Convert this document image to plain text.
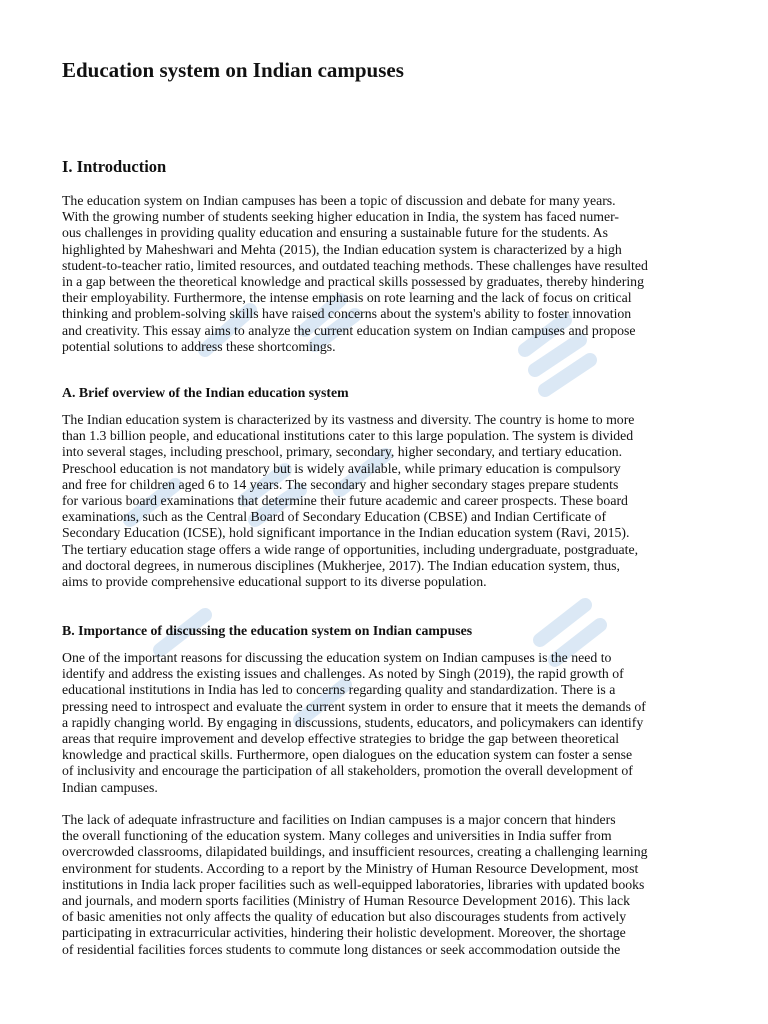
Education system on Indian campuses
I. Introduction
The education system on Indian campuses has been a topic of discussion and debate for many years.
With the growing number of students seeking higher education in India, the system has faced numer-
ous challenges in providing quality education and ensuring a sustainable future for the students. As
highlighted by Maheshwari and Mehta (2015), the Indian education system is characterized by a high
student-to-teacher ratio, limited resources, and outdated teaching methods. These challenges have resulted
in a gap between the theoretical knowledge and practical skills possessed by graduates, thereby hindering
their employability. Furthermore, the intense emphasis on rote learning and the lack of focus on critical
thinking and problem-solving skills have raised concerns about the system's ability to foster innovation
and creativity. This essay aims to analyze the current education system on Indian campuses and propose
potential solutions to address these shortcomings.
A. Brief overview of the Indian education system
The Indian education system is characterized by its vastness and diversity. The country is home to more
than 1.3 billion people, and educational institutions cater to this large population. The system is divided
into several stages, including preschool, primary, secondary, higher secondary, and tertiary education.
Preschool education is not mandatory but is widely available, while primary education is compulsory
and free for children aged 6 to 14 years. The secondary and higher secondary stages prepare students
for various board examinations that determine their future academic and career prospects. These board
examinations, such as the Central Board of Secondary Education (CBSE) and Indian Certificate of
Secondary Education (ICSE), hold significant importance in the Indian education system (Ravi, 2015).
The tertiary education stage offers a wide range of opportunities, including undergraduate, postgraduate,
and doctoral degrees, in numerous disciplines (Mukherjee, 2017). The Indian education system, thus,
aims to provide comprehensive educational support to its diverse population.
B. Importance of discussing the education system on Indian campuses
One of the important reasons for discussing the education system on Indian campuses is the need to
identify and address the existing issues and challenges. As noted by Singh (2019), the rapid growth of
educational institutions in India has led to concerns regarding quality and standardization. There is a
pressing need to introspect and evaluate the current system in order to ensure that it meets the demands of
a rapidly changing world. By engaging in discussions, students, educators, and policymakers can identify
areas that require improvement and develop effective strategies to bridge the gap between theoretical
knowledge and practical skills. Furthermore, open dialogues on the education system can foster a sense
of inclusivity and encourage the participation of all stakeholders, promotion the overall development of
Indian campuses.
The lack of adequate infrastructure and facilities on Indian campuses is a major concern that hinders
the overall functioning of the education system. Many colleges and universities in India suffer from
overcrowded classrooms, dilapidated buildings, and insufficient resources, creating a challenging learning
environment for students. According to a report by the Ministry of Human Resource Development, most
institutions in India lack proper facilities such as well-equipped laboratories, libraries with updated books
and journals, and modern sports facilities (Ministry of Human Resource Development 2016). This lack
of basic amenities not only affects the quality of education but also discourages students from actively
participating in extracurricular activities, hindering their holistic development. Moreover, the shortage
of residential facilities forces students to commute long distances or seek accommodation outside the
